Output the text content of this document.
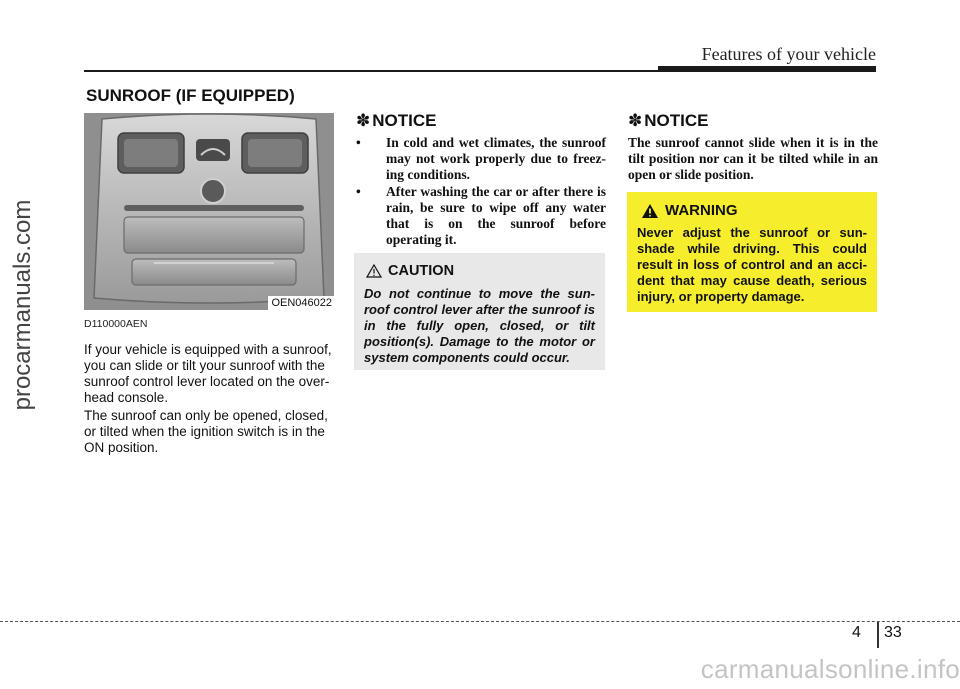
Features of your vehicle
SUNROOF (IF EQUIPPED)
OEN046022
D110000AEN
If your vehicle is equipped with a sunroof, you can slide or tilt your sunroof with the sunroof control lever located on the over-head console.
The sunroof can only be opened, closed, or tilted when the ignition switch is in the ON position.
✽ NOTICE
• In cold and wet climates, the sunroof may not work properly due to freez-ing conditions.
• After washing the car or after there is rain, be sure to wipe off any water that is on the sunroof before operating it.
CAUTION
Do not continue to move the sun-roof control lever after the sunroof is in the fully open, closed, or tilt position(s). Damage to the motor or system components could occur.
✽ NOTICE
The sunroof cannot slide when it is in the tilt position nor can it be tilted while in an open or slide position.
WARNING
Never adjust the sunroof or sun-shade while driving. This could result in loss of control and an acci-dent that may cause death, serious injury, or property damage.
procarmanuals.com
4 33
carmanualsonline.info
